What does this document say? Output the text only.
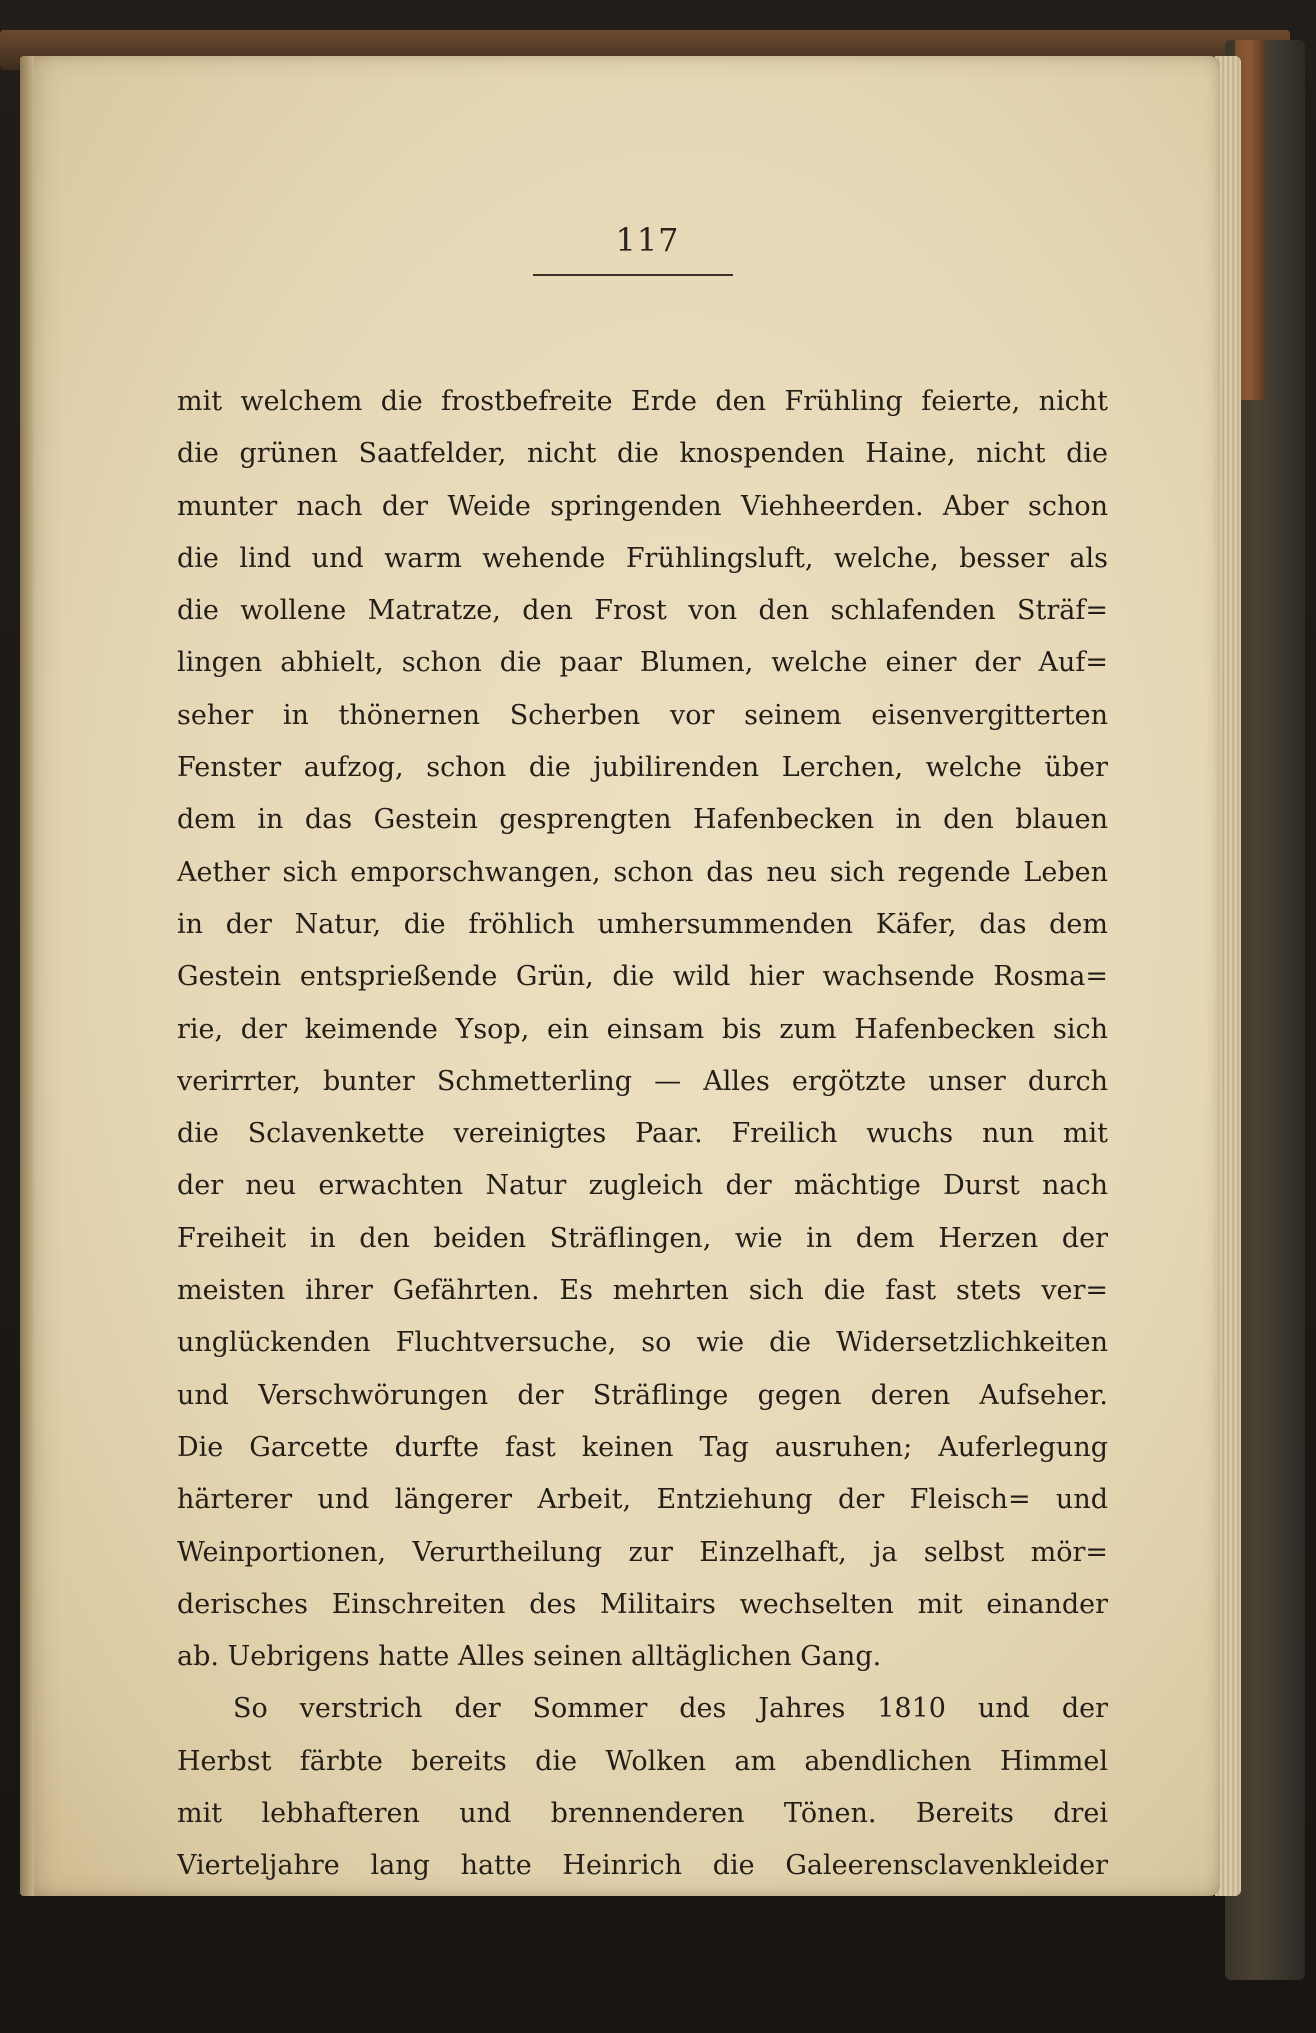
117
mit welchem die frostbefreite Erde den Frühling feierte, nicht
die grünen Saatfelder, nicht die knospenden Haine, nicht die
munter nach der Weide springenden Viehheerden. Aber schon
die lind und warm wehende Frühlingsluft, welche, besser als
die wollene Matratze, den Frost von den schlafenden Sträf=
lingen abhielt, schon die paar Blumen, welche einer der Auf=
seher in thönernen Scherben vor seinem eisenvergitterten
Fenster aufzog, schon die jubilirenden Lerchen, welche über
dem in das Gestein gesprengten Hafenbecken in den blauen
Aether sich emporschwangen, schon das neu sich regende Leben
in der Natur, die fröhlich umhersummenden Käfer, das dem
Gestein entsprießende Grün, die wild hier wachsende Rosma=
rie, der keimende Ysop, ein einsam bis zum Hafenbecken sich
verirrter, bunter Schmetterling — Alles ergötzte unser durch
die Sclavenkette vereinigtes Paar. Freilich wuchs nun mit
der neu erwachten Natur zugleich der mächtige Durst nach
Freiheit in den beiden Sträflingen, wie in dem Herzen der
meisten ihrer Gefährten. Es mehrten sich die fast stets ver=
unglückenden Fluchtversuche, so wie die Widersetzlichkeiten
und Verschwörungen der Sträflinge gegen deren Aufseher.
Die Garcette durfte fast keinen Tag ausruhen; Auferlegung
härterer und längerer Arbeit, Entziehung der Fleisch= und
Weinportionen, Verurtheilung zur Einzelhaft, ja selbst mör=
derisches Einschreiten des Militairs wechselten mit einander
ab. Uebrigens hatte Alles seinen alltäglichen Gang.
So verstrich der Sommer des Jahres 1810 und der
Herbst färbte bereits die Wolken am abendlichen Himmel
mit lebhafteren und brennenderen Tönen. Bereits drei
Vierteljahre lang hatte Heinrich die Galeerensclavenkleider
